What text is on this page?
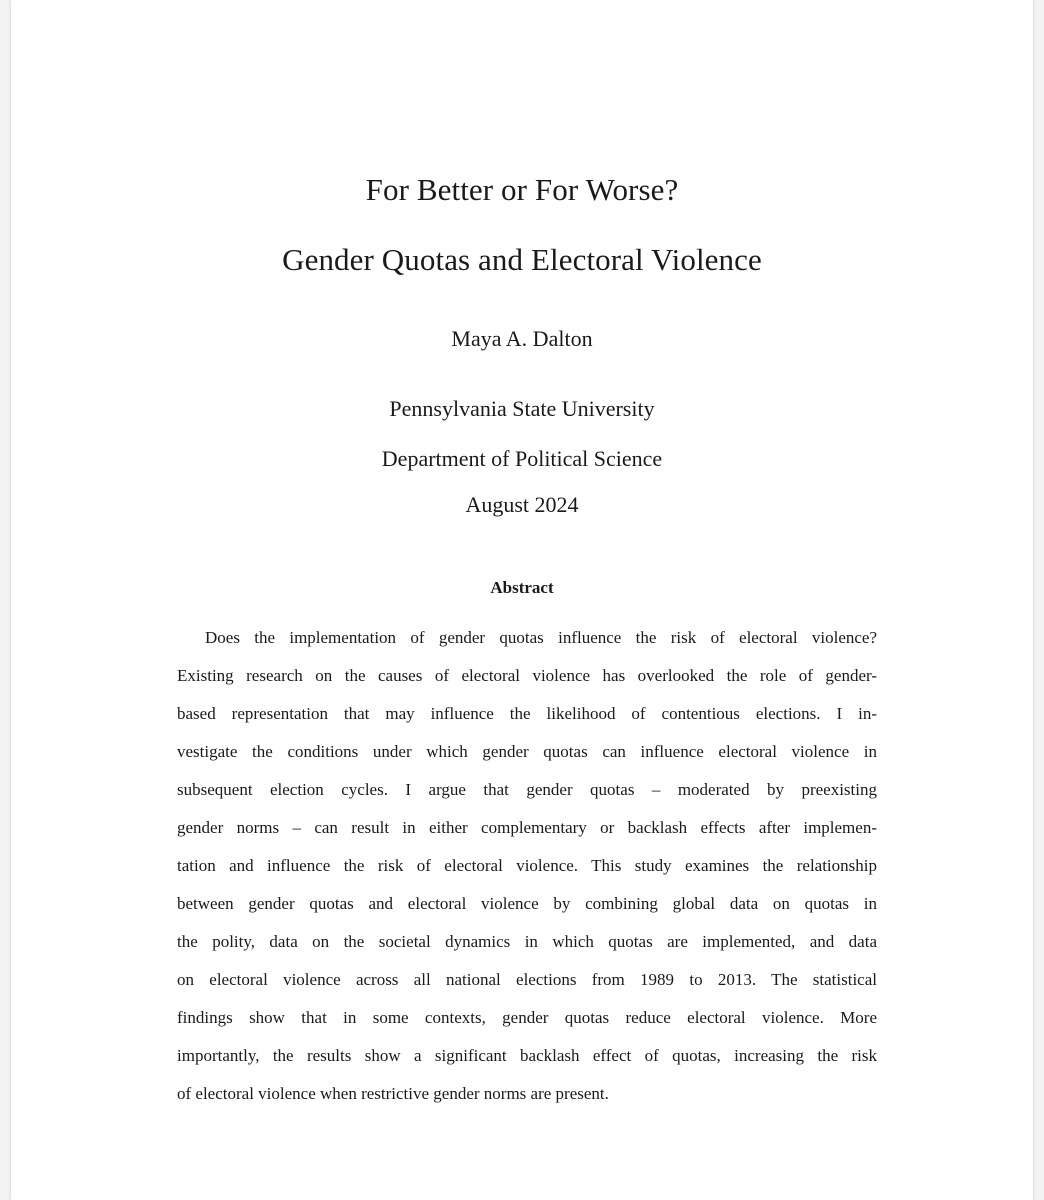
For Better or For Worse?
Gender Quotas and Electoral Violence
Maya A. Dalton
Pennsylvania State University
Department of Political Science
August 2024
Abstract
Does the implementation of gender quotas influence the risk of electoral violence?
Existing research on the causes of electoral violence has overlooked the role of gender-
based representation that may influence the likelihood of contentious elections. I in-
vestigate the conditions under which gender quotas can influence electoral violence in
subsequent election cycles. I argue that gender quotas – moderated by preexisting
gender norms – can result in either complementary or backlash effects after implemen-
tation and influence the risk of electoral violence. This study examines the relationship
between gender quotas and electoral violence by combining global data on quotas in
the polity, data on the societal dynamics in which quotas are implemented, and data
on electoral violence across all national elections from 1989 to 2013. The statistical
findings show that in some contexts, gender quotas reduce electoral violence. More
importantly, the results show a significant backlash effect of quotas, increasing the risk
of electoral violence when restrictive gender norms are present.
